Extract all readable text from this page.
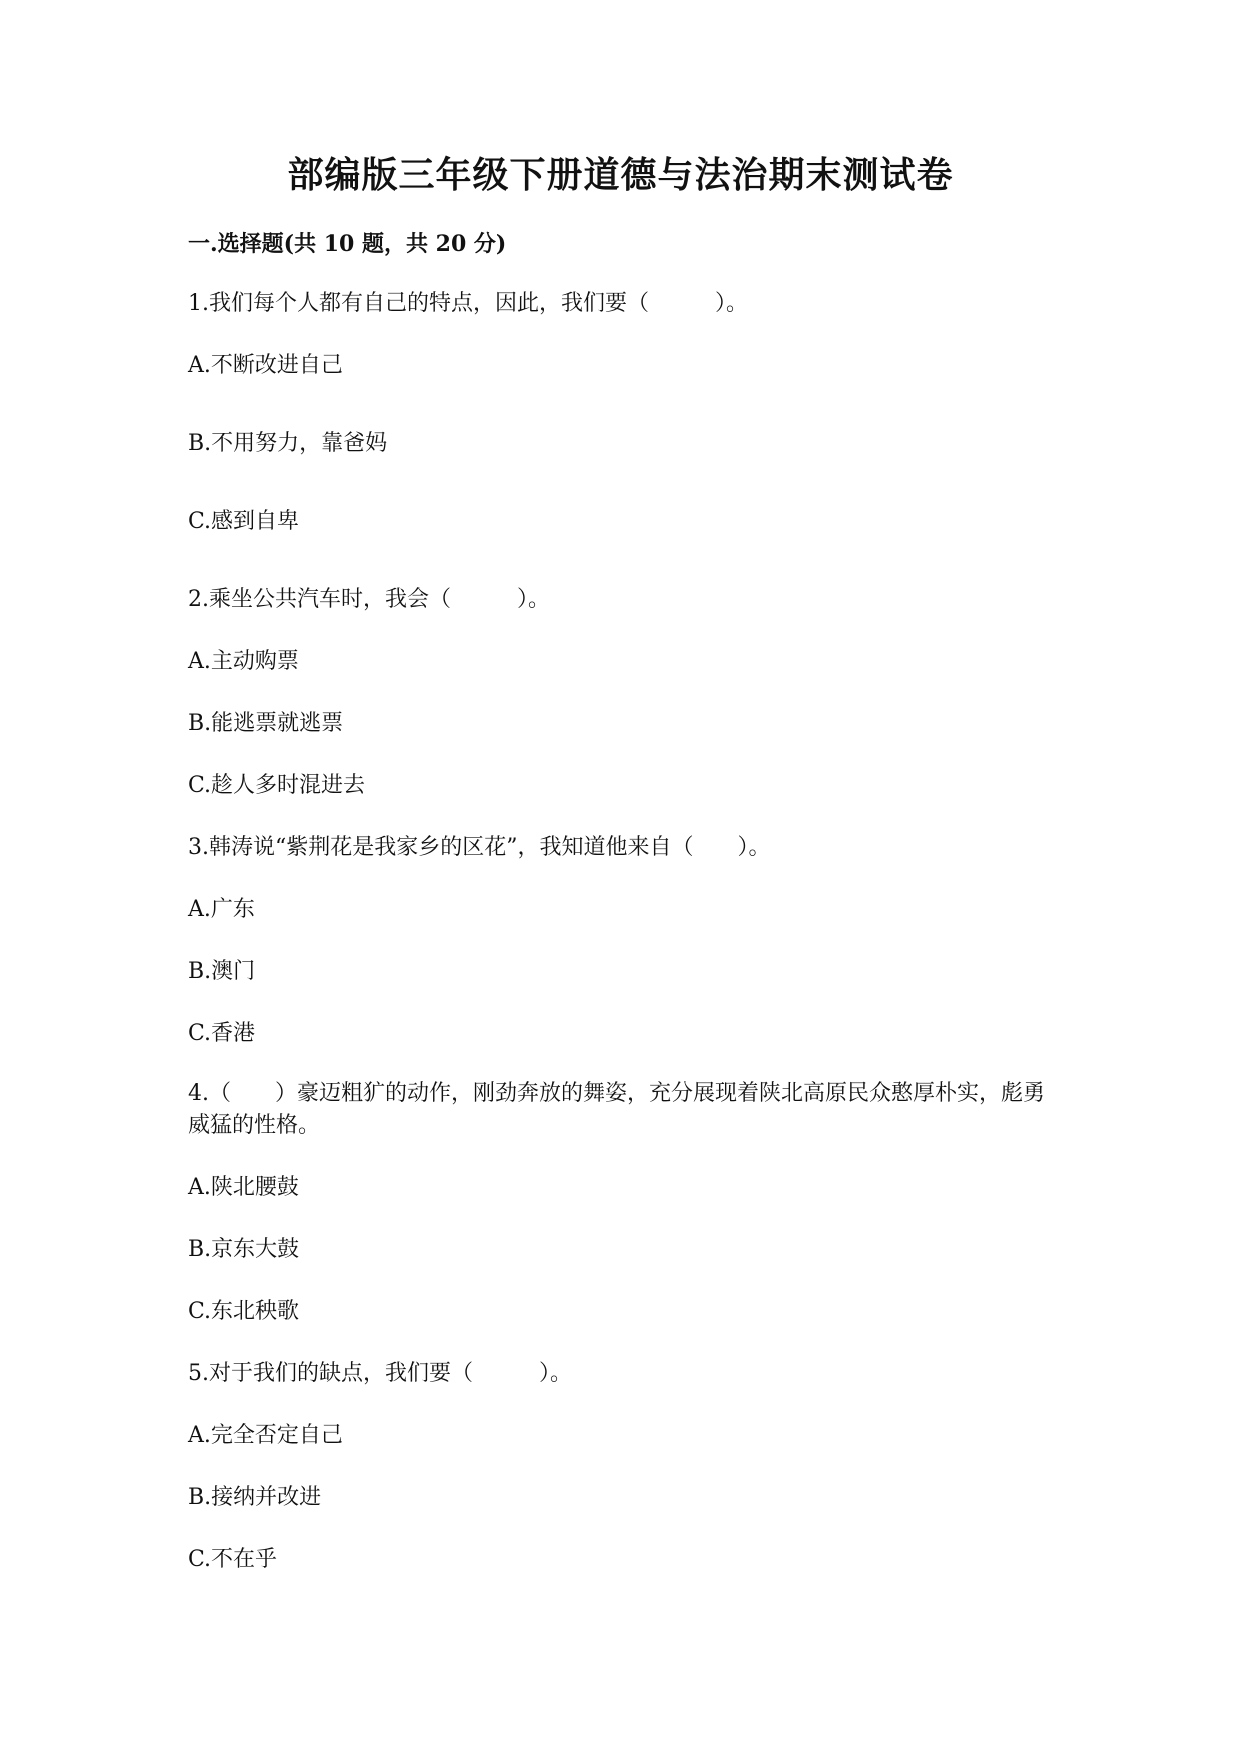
部编版三年级下册道德与法治期末测试卷
一.选择题(共 10 题，共 20 分)
1.我们每个人都有自己的特点，因此，我们要（　　　）。
A.不断改进自己
B.不用努力，靠爸妈
C.感到自卑
2.乘坐公共汽车时，我会（　　　）。
A.主动购票
B.能逃票就逃票
C.趁人多时混进去
3.韩涛说“紫荆花是我家乡的区花”，我知道他来自（　　）。
A.广东
B.澳门
C.香港
4.（　　）豪迈粗犷的动作，刚劲奔放的舞姿，充分展现着陕北高原民众憨厚朴实，彪勇威猛的性格。
A.陕北腰鼓
B.京东大鼓
C.东北秧歌
5.对于我们的缺点，我们要（　　　）。
A.完全否定自己
B.接纳并改进
C.不在乎
